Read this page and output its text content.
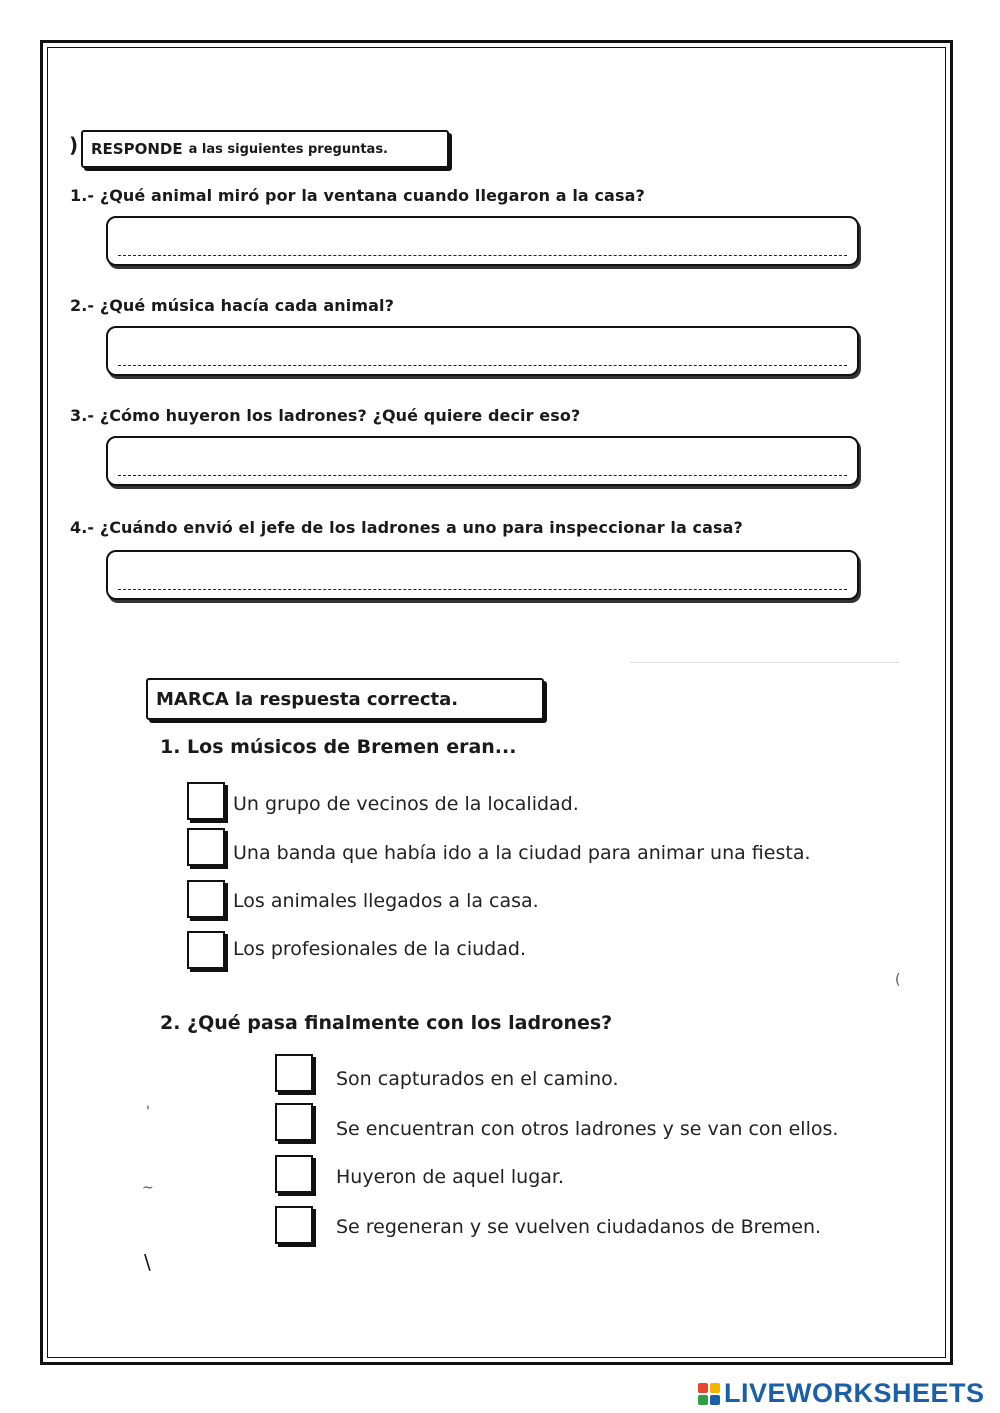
) RESPONDE a las siguientes preguntas.
1.- ¿Qué animal miró por la ventana cuando llegaron a la casa?
2.- ¿Qué música hacía cada animal?
3.- ¿Cómo huyeron los ladrones? ¿Qué quiere decir eso?
4.- ¿Cuándo envió el jefe de los ladrones a uno para inspeccionar la casa?
MARCA la respuesta correcta.
1. Los músicos de Bremen eran...
Un grupo de vecinos de la localidad.
Una banda que había ido a la ciudad para animar una fiesta.
Los animales llegados a la casa.
Los profesionales de la ciudad.
(
2. ¿Qué pasa finalmente con los ladrones?
Son capturados en el camino.
Se encuentran con otros ladrones y se van con ellos.
Huyeron de aquel lugar.
Se regeneran y se vuelven ciudadanos de Bremen.
'
~
\
LIVEWORKSHEETS
